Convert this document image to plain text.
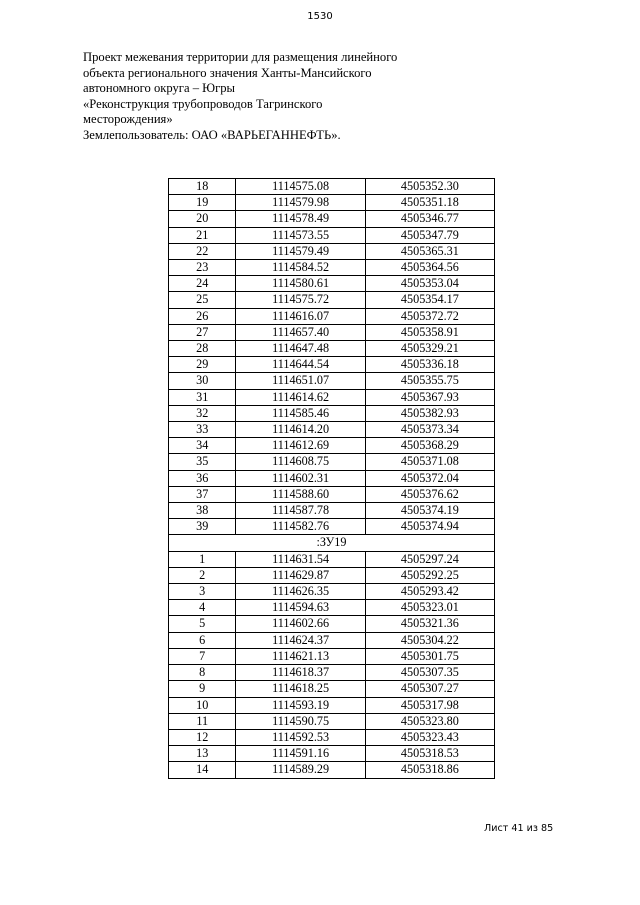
1530
Проект межевания территории для размещения линейного
объекта регионального значения Ханты-Мансийского
автономного округа – Югры
«Реконструкция трубопроводов Тагринского
месторождения»
Землепользователь: ОАО «ВАРЬЕГАННЕФТЬ».
18	1114575.08	4505352.30
19	1114579.98	4505351.18
20	1114578.49	4505346.77
21	1114573.55	4505347.79
22	1114579.49	4505365.31
23	1114584.52	4505364.56
24	1114580.61	4505353.04
25	1114575.72	4505354.17
26	1114616.07	4505372.72
27	1114657.40	4505358.91
28	1114647.48	4505329.21
29	1114644.54	4505336.18
30	1114651.07	4505355.75
31	1114614.62	4505367.93
32	1114585.46	4505382.93
33	1114614.20	4505373.34
34	1114612.69	4505368.29
35	1114608.75	4505371.08
36	1114602.31	4505372.04
37	1114588.60	4505376.62
38	1114587.78	4505374.19
39	1114582.76	4505374.94
:ЗУ19		
1	1114631.54	4505297.24
2	1114629.87	4505292.25
3	1114626.35	4505293.42
4	1114594.63	4505323.01
5	1114602.66	4505321.36
6	1114624.37	4505304.22
7	1114621.13	4505301.75
8	1114618.37	4505307.35
9	1114618.25	4505307.27
10	1114593.19	4505317.98
11	1114590.75	4505323.80
12	1114592.53	4505323.43
13	1114591.16	4505318.53
14	1114589.29	4505318.86
Лист 41 из 85
